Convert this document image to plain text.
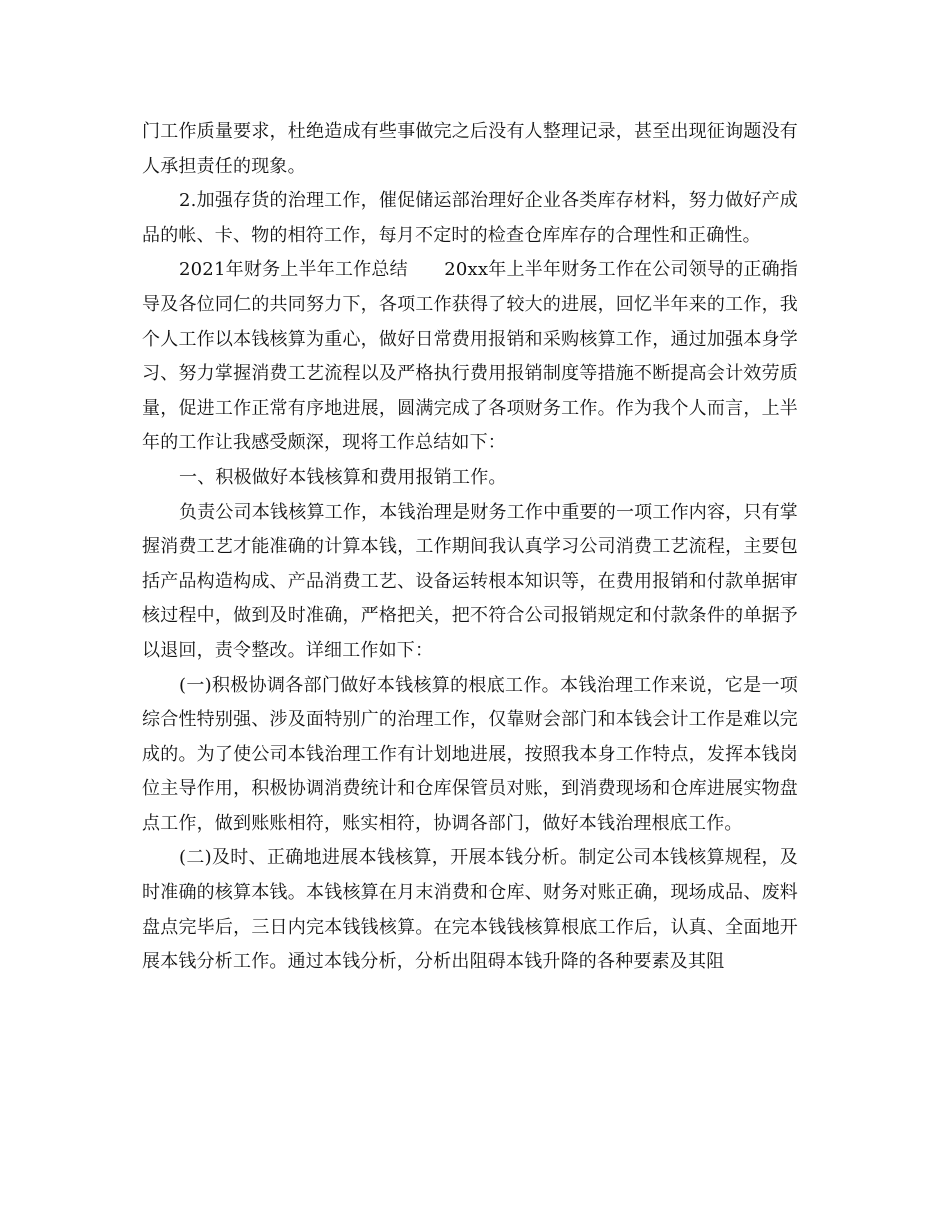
门工作质量要求，杜绝造成有些事做完之后没有人整理记录，甚至出现征询题没有人承担责任的现象。

2.加强存货的治理工作，催促储运部治理好企业各类库存材料，努力做好产成品的帐、卡、物的相符工作，每月不定时的检查仓库库存的合理性和正确性。

2021年财务上半年工作总结　　20xx年上半年财务工作在公司领导的正确指导及各位同仁的共同努力下，各项工作获得了较大的进展，回忆半年来的工作，我个人工作以本钱核算为重心，做好日常费用报销和采购核算工作，通过加强本身学习、努力掌握消费工艺流程以及严格执行费用报销制度等措施不断提高会计效劳质量，促进工作正常有序地进展，圆满完成了各项财务工作。作为我个人而言，上半年的工作让我感受颇深，现将工作总结如下：

一、积极做好本钱核算和费用报销工作。

负责公司本钱核算工作，本钱治理是财务工作中重要的一项工作内容，只有掌握消费工艺才能准确的计算本钱，工作期间我认真学习公司消费工艺流程，主要包括产品构造构成、产品消费工艺、设备运转根本知识等，在费用报销和付款单据审核过程中，做到及时准确，严格把关，把不符合公司报销规定和付款条件的单据予以退回，责令整改。详细工作如下：

(一)积极协调各部门做好本钱核算的根底工作。本钱治理工作来说，它是一项综合性特别强、涉及面特别广的治理工作，仅靠财会部门和本钱会计工作是难以完成的。为了使公司本钱治理工作有计划地进展，按照我本身工作特点，发挥本钱岗位主导作用，积极协调消费统计和仓库保管员对账，到消费现场和仓库进展实物盘点工作，做到账账相符，账实相符，协调各部门，做好本钱治理根底工作。

(二)及时、正确地进展本钱核算，开展本钱分析。制定公司本钱核算规程，及时准确的核算本钱。本钱核算在月末消费和仓库、财务对账正确，现场成品、废料盘点完毕后，三日内完本钱钱核算。在完本钱钱核算根底工作后，认真、全面地开展本钱分析工作。通过本钱分析，分析出阻碍本钱升降的各种要素及其阻
